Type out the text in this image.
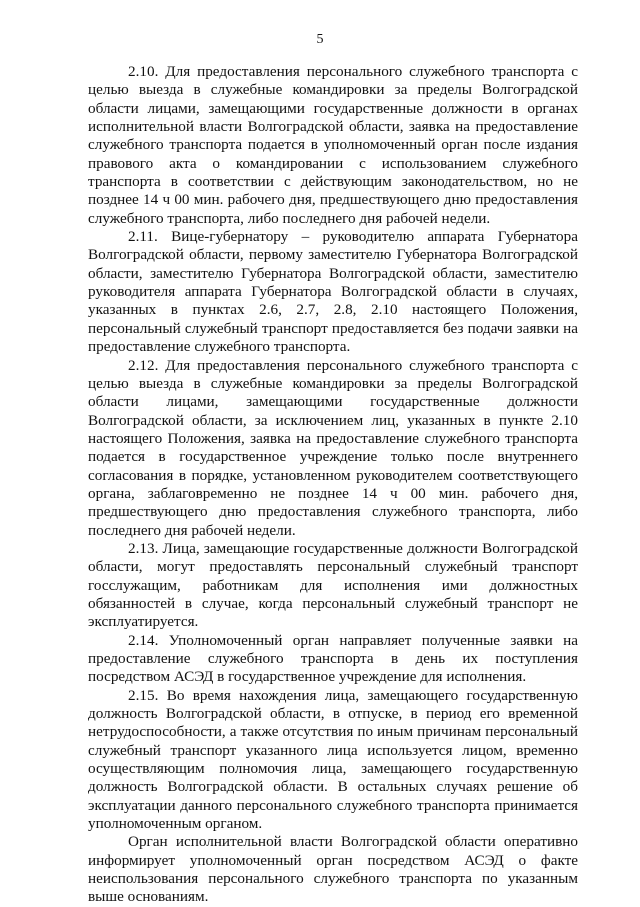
5

2.10. Для предоставления персонального служебного транспорта с целью выезда в служебные командировки за пределы Волгоградской области лицами, замещающими государственные должности в органах исполнительной власти Волгоградской области, заявка на предоставление служебного транспорта подается в уполномоченный орган после издания правового акта о командировании с использованием служебного транспорта в соответствии с действующим законодательством, но не позднее 14 ч 00 мин. рабочего дня, предшествующего дню предоставления служебного транспорта, либо последнего дня рабочей недели.

2.11. Вице-губернатору – руководителю аппарата Губернатора Волгоградской области, первому заместителю Губернатора Волгоградской области, заместителю Губернатора Волгоградской области, заместителю руководителя аппарата Губернатора Волгоградской области в случаях, указанных в пунктах 2.6, 2.7, 2.8, 2.10 настоящего Положения, персональный служебный транспорт предоставляется без подачи заявки на предоставление служебного транспорта.

2.12. Для предоставления персонального служебного транспорта с целью выезда в служебные командировки за пределы Волгоградской области лицами, замещающими государственные должности Волгоградской области, за исключением лиц, указанных в пункте 2.10 настоящего Положения, заявка на предоставление служебного транспорта подается в государственное учреждение только после внутреннего согласования в порядке, установленном руководителем соответствующего органа, заблаговременно не позднее 14 ч 00 мин. рабочего дня, предшествующего дню предоставления служебного транспорта, либо последнего дня рабочей недели.

2.13. Лица, замещающие государственные должности Волгоградской области, могут предоставлять персональный служебный транспорт госслужащим, работникам для исполнения ими должностных обязанностей в случае, когда персональный служебный транспорт не эксплуатируется.

2.14. Уполномоченный орган направляет полученные заявки на предоставление служебного транспорта в день их поступления посредством АСЭД в государственное учреждение для исполнения.

2.15. Во время нахождения лица, замещающего государственную должность Волгоградской области, в отпуске, в период его временной нетрудоспособности, а также отсутствия по иным причинам персональный служебный транспорт указанного лица используется лицом, временно осуществляющим полномочия лица, замещающего государственную должность Волгоградской области. В остальных случаях решение об эксплуатации данного персонального служебного транспорта принимается уполномоченным органом.

Орган исполнительной власти Волгоградской области оперативно информирует уполномоченный орган посредством АСЭД о факте неиспользования персонального служебного транспорта по указанным выше основаниям.
